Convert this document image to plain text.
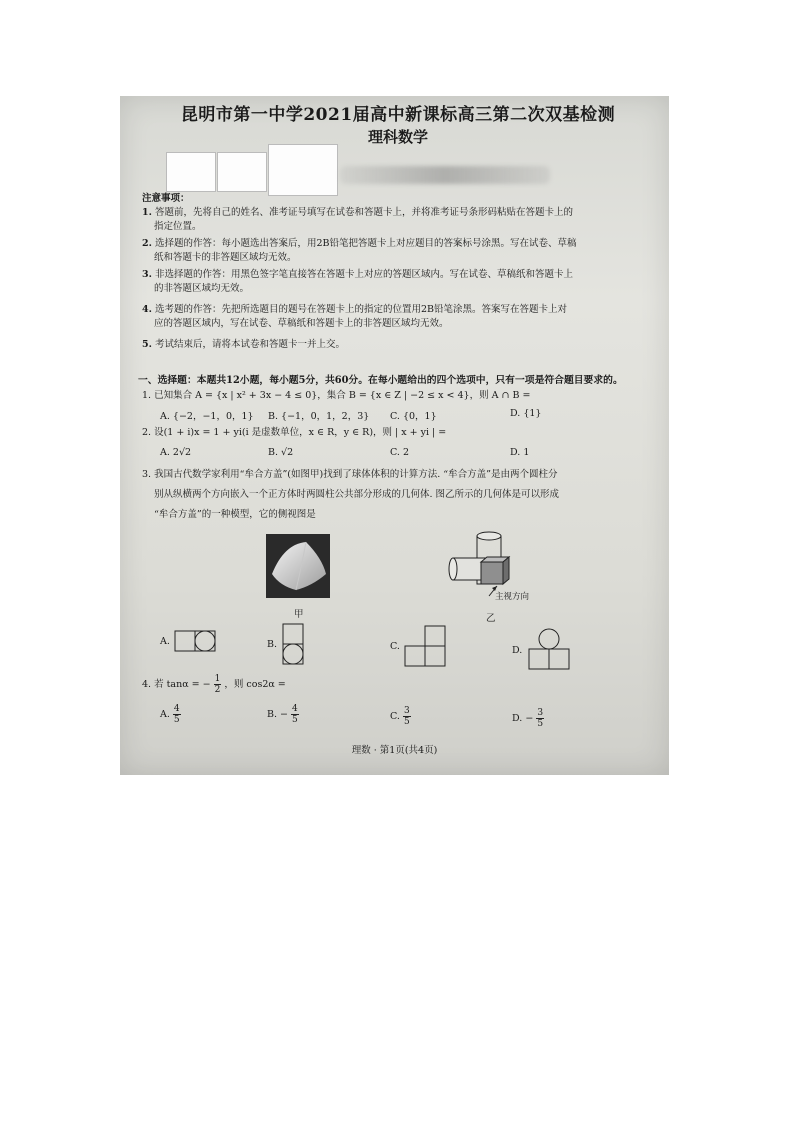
昆明市第一中学2021届高中新课标高三第二次双基检测
理科数学
注意事项：
1. 答题前，先将自己的姓名、准考证号填写在试卷和答题卡上，并将准考证号条形码粘贴在答题卡上的
指定位置。
2. 选择题的作答：每小题选出答案后，用2B铅笔把答题卡上对应题目的答案标号涂黑。写在试卷、草稿
纸和答题卡的非答题区域均无效。
3. 非选择题的作答：用黑色签字笔直接答在答题卡上对应的答题区域内。写在试卷、草稿纸和答题卡上
的非答题区域均无效。
4. 选考题的作答：先把所选题目的题号在答题卡上的指定的位置用2B铅笔涂黑。答案写在答题卡上对
应的答题区域内，写在试卷、草稿纸和答题卡上的非答题区域均无效。
5. 考试结束后，请将本试卷和答题卡一并上交。
一、选择题：本题共12小题，每小题5分，共60分。在每小题给出的四个选项中，只有一项是符合题目要求的。
1. 已知集合 A = {x | x² + 3x − 4 ≤ 0}，集合 B = {x ∈ Z | −2 ≤ x < 4}，则 A ∩ B =
A. {−2，−1，0，1} B. {−1，0，1，2，3} C. {0，1}	D. {1}
2. 设(1 + i)x = 1 + yi(i 是虚数单位，x ∈ R，y ∈ R)，则 | x + yi | =
A. 2√2	B. √2	C. 2	D. 1
3. 我国古代数学家利用“牟合方盖”(如图甲)找到了球体体积的计算方法. “牟合方盖”是由两个圆柱分
别从纵横两个方向嵌入一个正方体时两圆柱公共部分形成的几何体. 图乙所示的几何体是可以形成
“牟合方盖”的一种模型，它的侧视图是
甲
主视方向
乙
A.	B.	C.	D.
4. 若 tanα = − $\frac{1}{2}$ ，则 cos2α =
A. $\frac{4}{5}$	B. − $\frac{4}{5}$	C. $\frac{3}{5}$	D. − $\frac{3}{5}$
理数 · 第1页(共4页)
